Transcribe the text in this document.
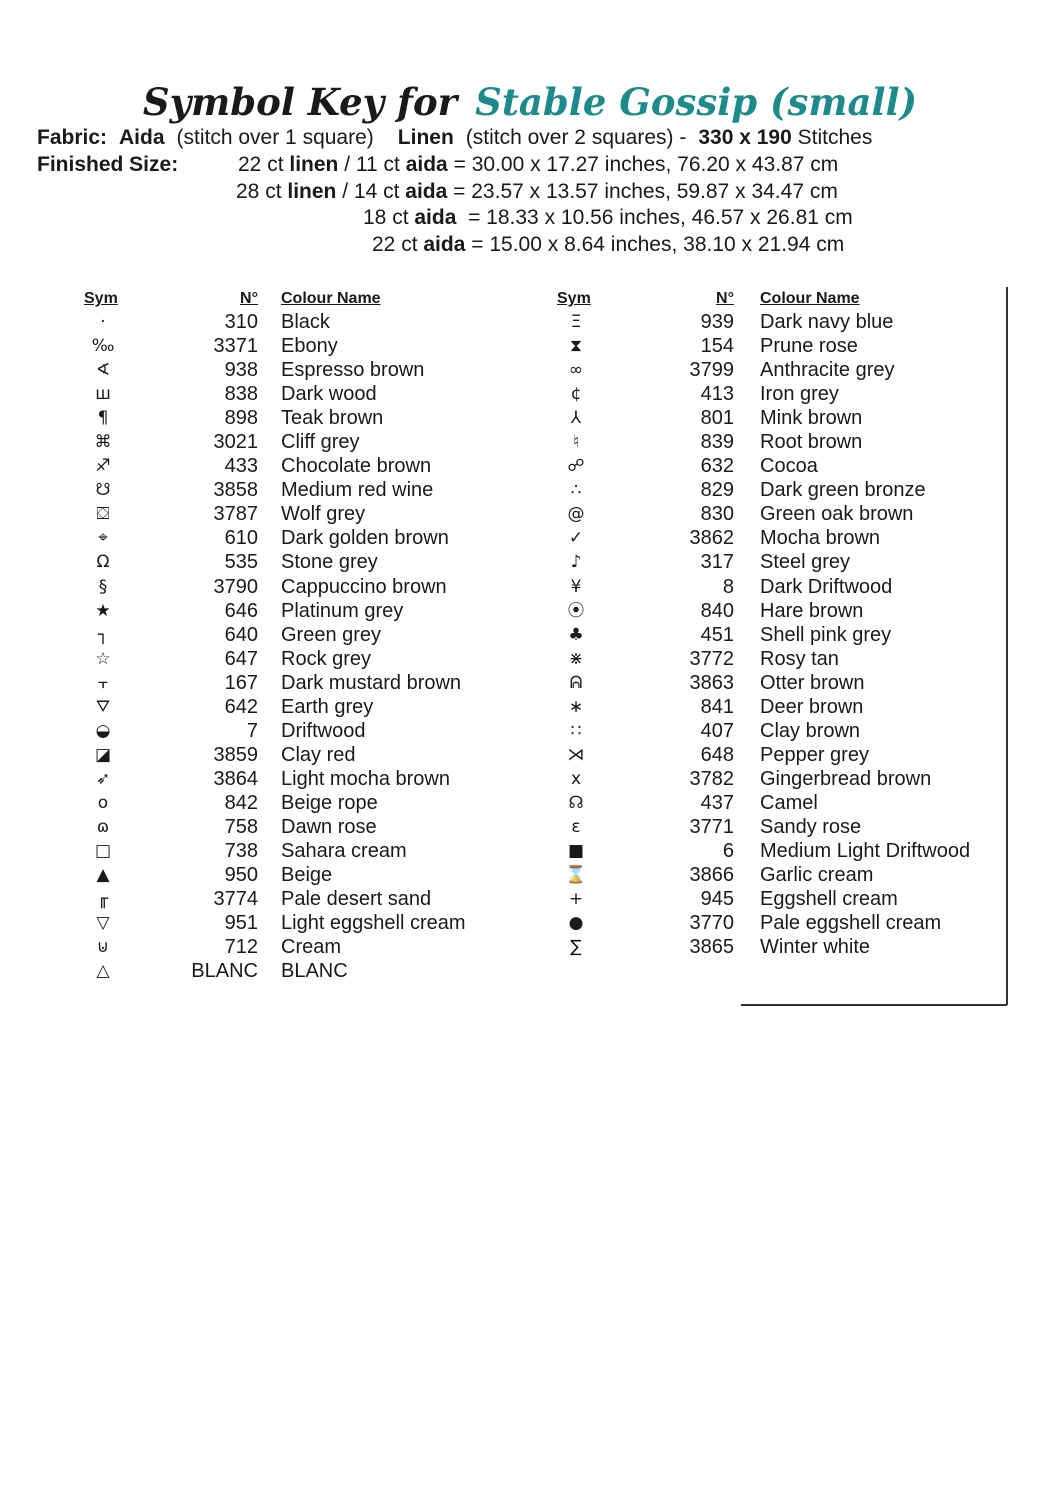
Symbol Key for Stable Gossip (small)
Fabric: Aida (stitch over 1 square) Linen (stitch over 2 squares) - 330 x 190 Stitches
Finished Size:	22 ct linen / 11 ct aida = 30.00 x 17.27 inches, 76.20 x 43.87 cm
28 ct linen / 14 ct aida = 23.57 x 13.57 inches, 59.87 x 34.47 cm
18 ct aida  = 18.33 x 10.56 inches, 46.57 x 26.81 cm
22 ct aida = 15.00 x 8.64 inches, 38.10 x 21.94 cm
Sym	N° Colour Name	Sym	N° Colour Name
·	310 Black
‰	3371 Ebony
∢	938 Espresso brown
ш	838 Dark wood
¶	898 Teak brown
⌘	3021 Cliff grey
♐	433 Chocolate brown
☋	3858 Medium red wine
⛋	3787 Wolf grey
⌖	610 Dark golden brown
Ω	535 Stone grey
§	3790 Cappuccino brown
★	646 Platinum grey
┐	640 Green grey
☆	647 Rock grey
⫟	167 Dark mustard brown
⛛	642 Earth grey
◒	7 Driftwood
◪	3859 Clay red
➶	3864 Light mocha brown
o	842 Beige rope
ɷ	758 Dawn rose
□	738 Sahara cream
▲	950 Beige
╓	3774 Pale desert sand
▽	951 Light eggshell cream
⊍	712 Cream
△	BLANC BLANC
Ξ	939 Dark navy blue
⧗	154 Prune rose
∞	3799 Anthracite grey
¢	413 Iron grey
⅄	801 Mink brown
♮	839 Root brown
☍	632 Cocoa
∴	829 Dark green bronze
@	830 Green oak brown
✓	3862 Mocha brown
♪	317 Steel grey
¥	8 Dark Driftwood
⦿	840 Hare brown
♣	451 Shell pink grey
⋇	3772 Rosy tan
ᕱ	3863 Otter brown
∗	841 Deer brown
∷	407 Clay brown
⋊	648 Pepper grey
x	3782 Gingerbread brown
☊	437 Camel
ɛ	3771 Sandy rose
■	6 Medium Light Driftwood
⌛	3866 Garlic cream
+	945 Eggshell cream
●	3770 Pale eggshell cream
∑	3865 Winter white
